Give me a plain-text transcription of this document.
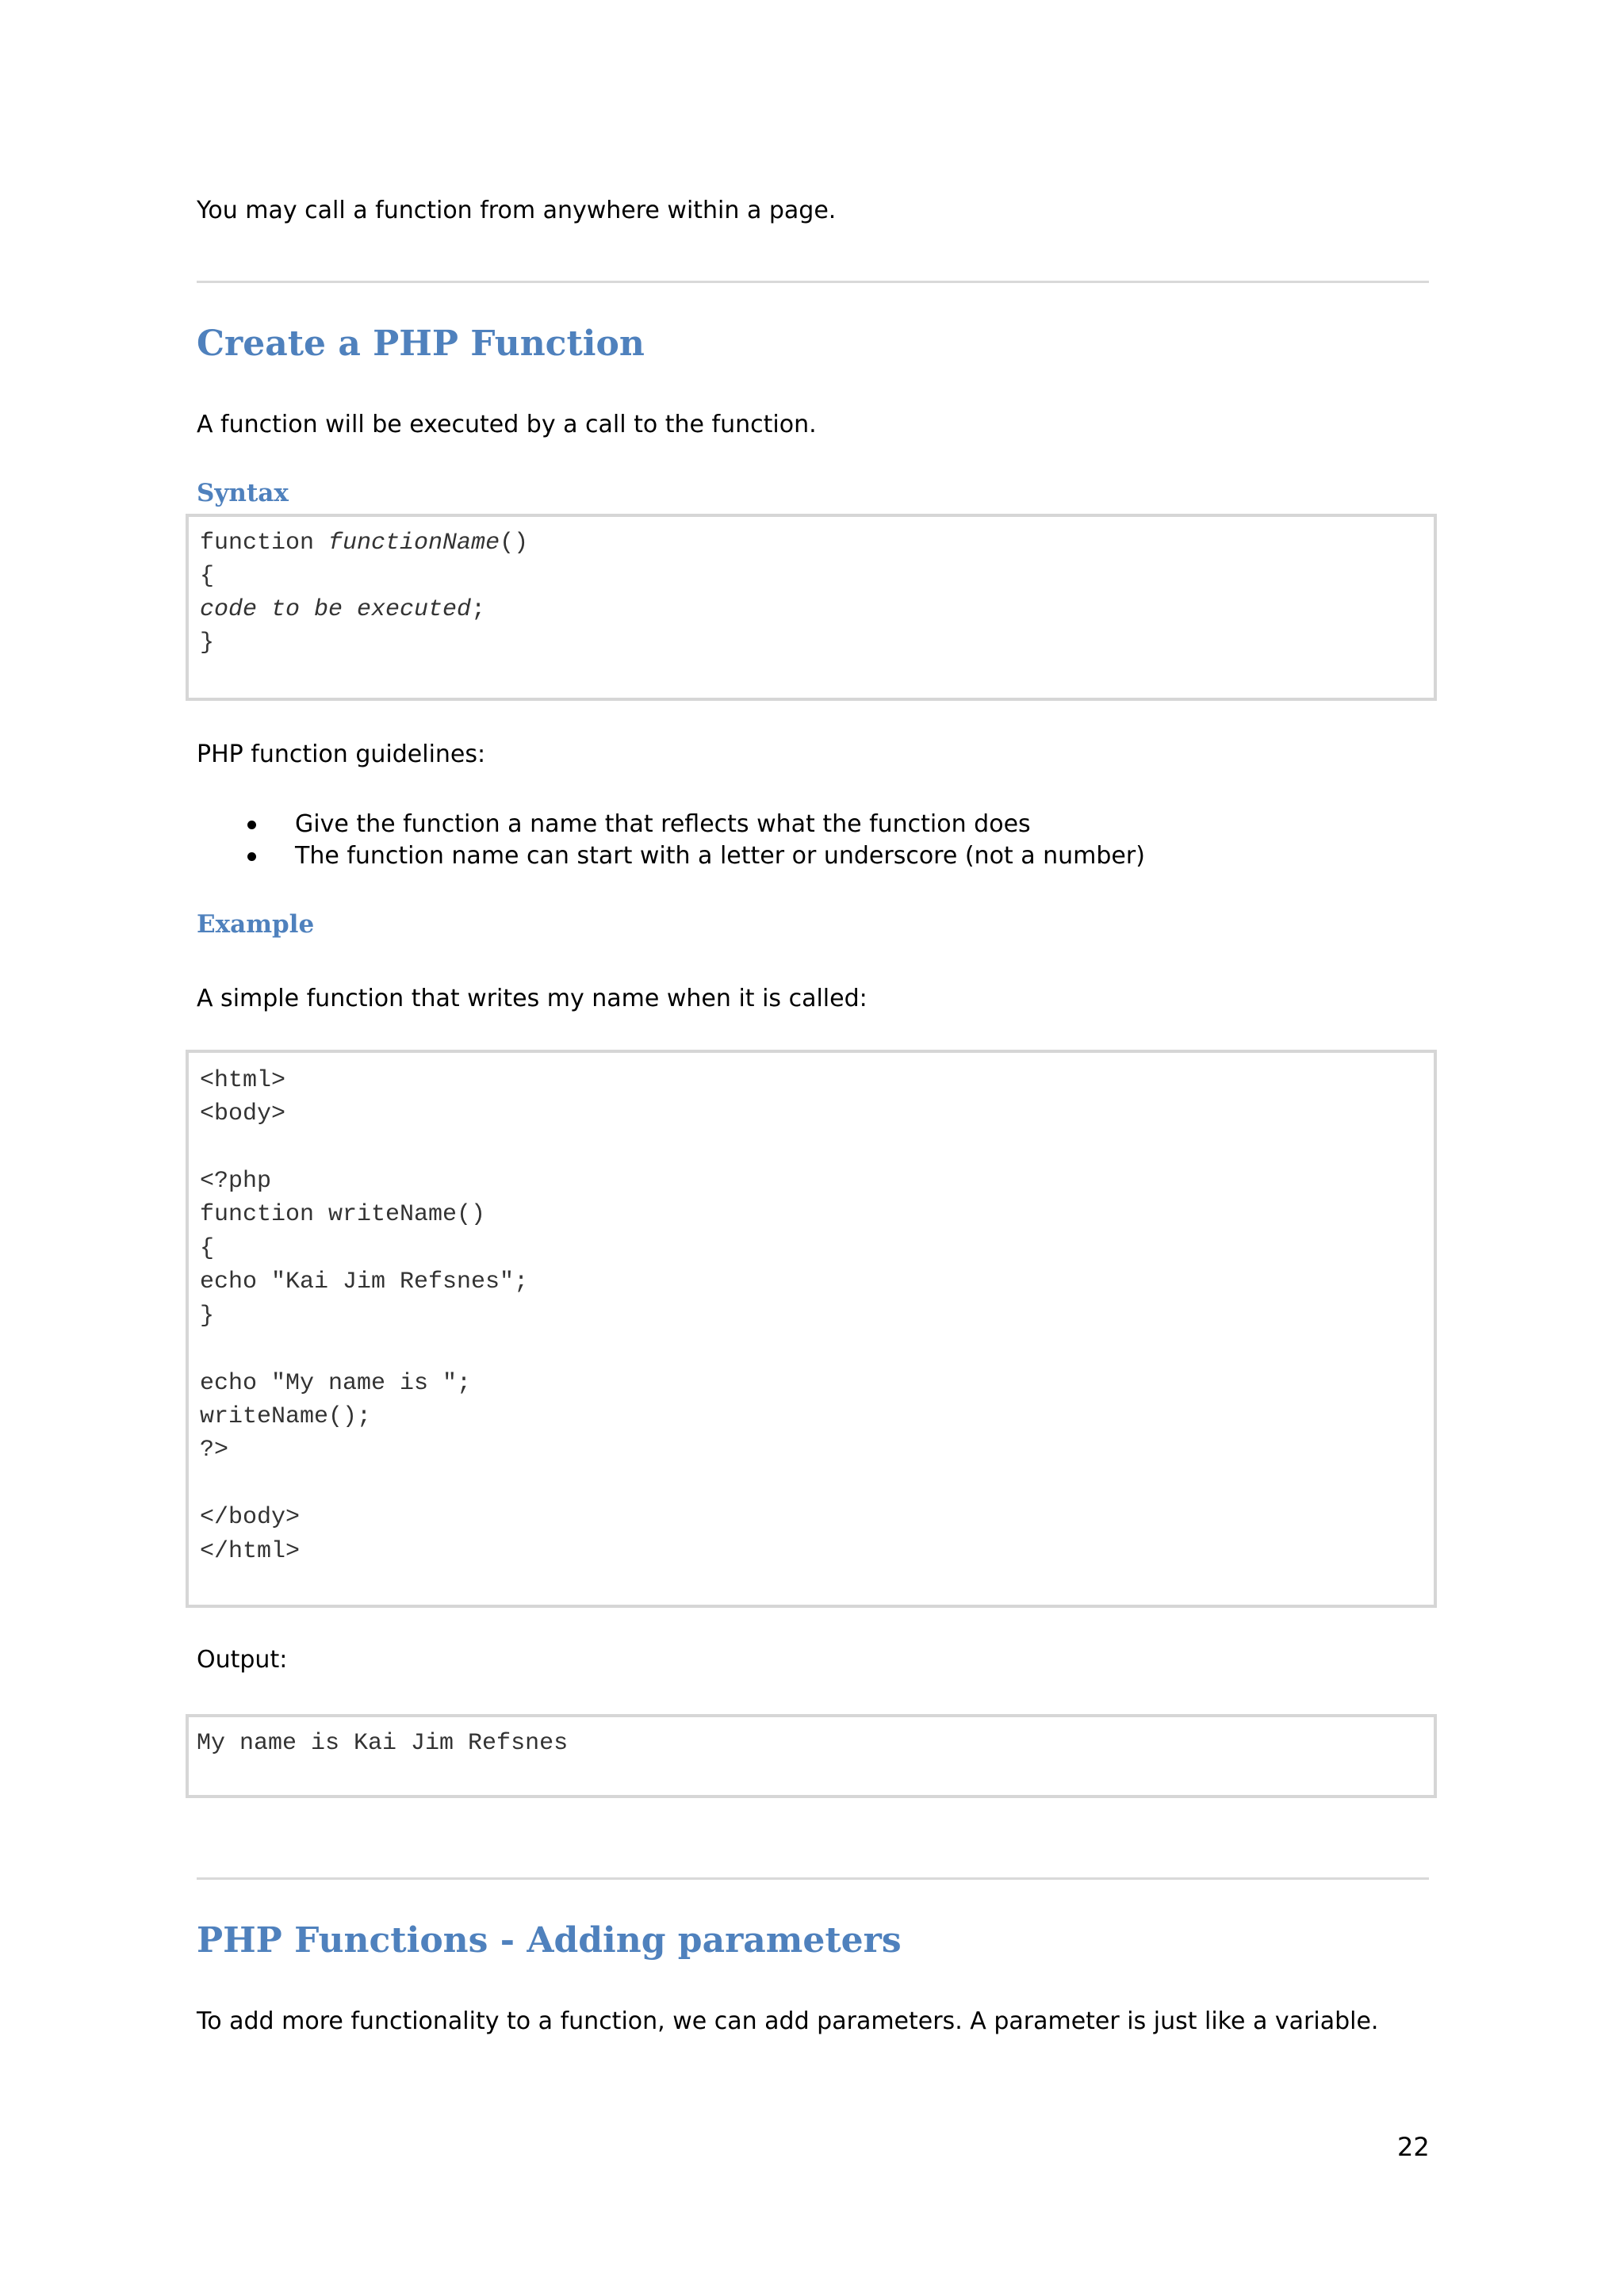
You may call a function from anywhere within a page.
Create a PHP Function
A function will be executed by a call to the function.
Syntax
function functionName()
{
code to be executed;
}
PHP function guidelines:
Give the function a name that reflects what the function does
The function name can start with a letter or underscore (not a number)
Example
A simple function that writes my name when it is called:
<html>
<body>
<?php
function writeName()
{
echo "Kai Jim Refsnes";
}
echo "My name is ";
writeName();
?>
</body>
</html>
Output:
My name is Kai Jim Refsnes
PHP Functions - Adding parameters
To add more functionality to a function, we can add parameters. A parameter is just like a variable.
22
